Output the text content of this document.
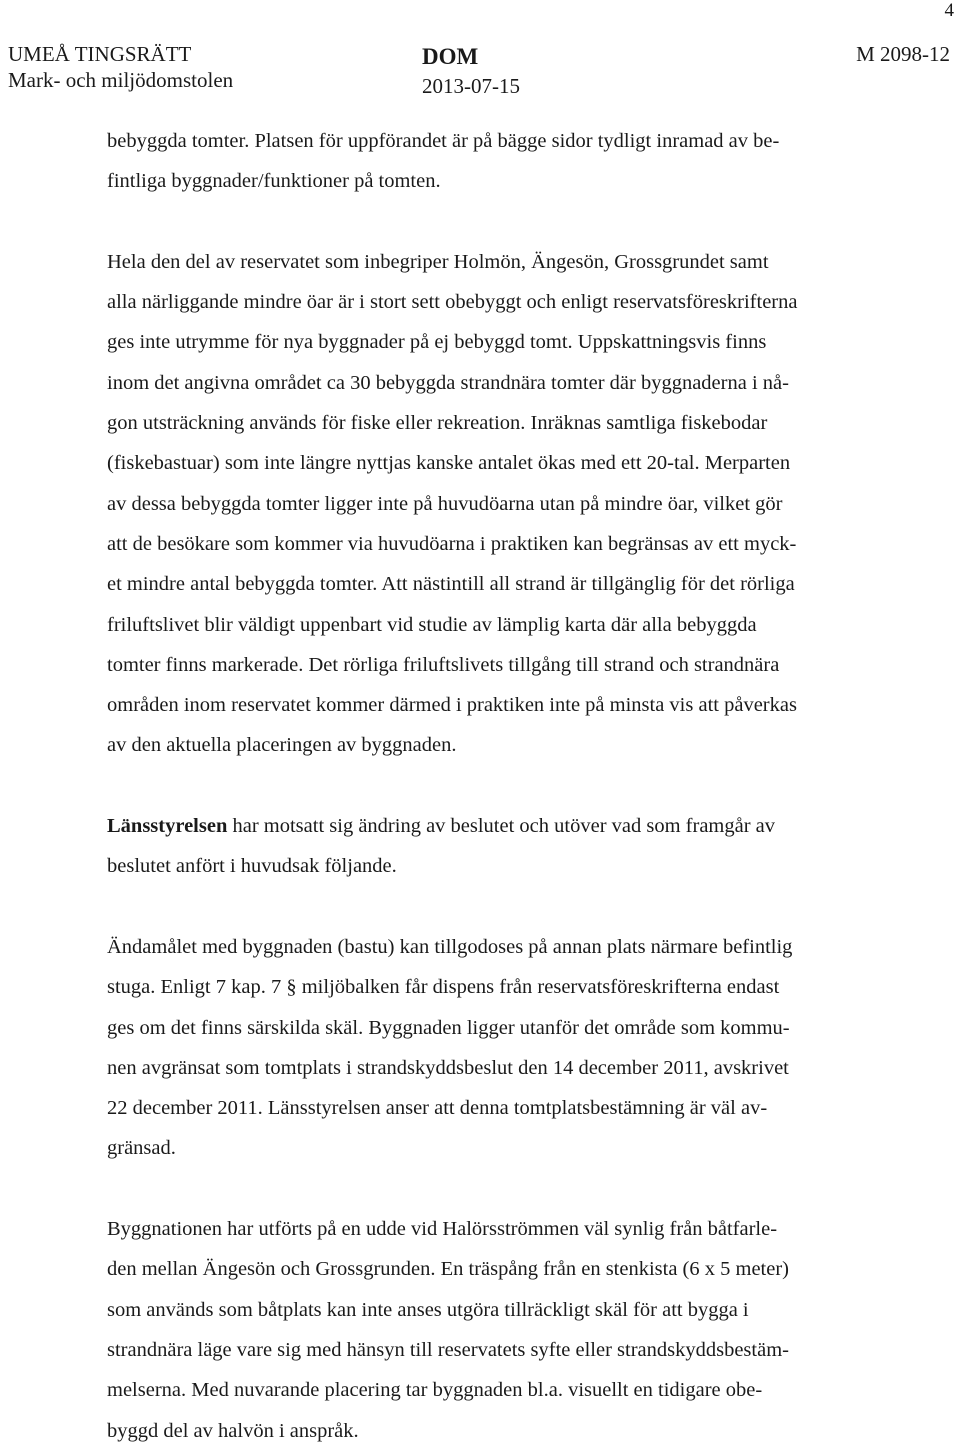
4
UMEÅ TINGSRÄTT
Mark- och miljödomstolen
DOM
2013-07-15
M 2098-12

bebyggda tomter. Platsen för uppförandet är på bägge sidor tydligt inramad av be-
fintliga byggnader/funktioner på tomten.

Hela den del av reservatet som inbegriper Holmön, Ängesön, Grossgrundet samt
alla närliggande mindre öar är i stort sett obebyggt och enligt reservatsföreskrifterna
ges inte utrymme för nya byggnader på ej bebyggd tomt. Uppskattningsvis finns
inom det angivna området ca 30 bebyggda strandnära tomter där byggnaderna i nå-
gon utsträckning används för fiske eller rekreation. Inräknas samtliga fiskebodar
(fiskebastuar) som inte längre nyttjas kanske antalet ökas med ett 20-tal. Merparten
av dessa bebyggda tomter ligger inte på huvudöarna utan på mindre öar, vilket gör
att de besökare som kommer via huvudöarna i praktiken kan begränsas av ett myck-
et mindre antal bebyggda tomter. Att nästintill all strand är tillgänglig för det rörliga
friluftslivet blir väldigt uppenbart vid studie av lämplig karta där alla bebyggda
tomter finns markerade. Det rörliga friluftslivets tillgång till strand och strandnära
områden inom reservatet kommer därmed i praktiken inte på minsta vis att påverkas
av den aktuella placeringen av byggnaden.

Länsstyrelsen har motsatt sig ändring av beslutet och utöver vad som framgår av
beslutet anfört i huvudsak följande.

Ändamålet med byggnaden (bastu) kan tillgodoses på annan plats närmare befintlig
stuga. Enligt 7 kap. 7 § miljöbalken får dispens från reservatsföreskrifterna endast
ges om det finns särskilda skäl. Byggnaden ligger utanför det område som kommu-
nen avgränsat som tomtplats i strandskyddsbeslut den 14 december 2011, avskrivet
22 december 2011. Länsstyrelsen anser att denna tomtplatsbestämning är väl av-
gränsad.

Byggnationen har utförts på en udde vid Halörsströmmen väl synlig från båtfarle-
den mellan Ängesön och Grossgrunden. En träspång från en stenkista (6 x 5 meter)
som används som båtplats kan inte anses utgöra tillräckligt skäl för att bygga i
strandnära läge vare sig med hänsyn till reservatets syfte eller strandskyddsbestäm-
melserna. Med nuvarande placering tar byggnaden bl.a. visuellt en tidigare obe-
byggd del av halvön i anspråk.
